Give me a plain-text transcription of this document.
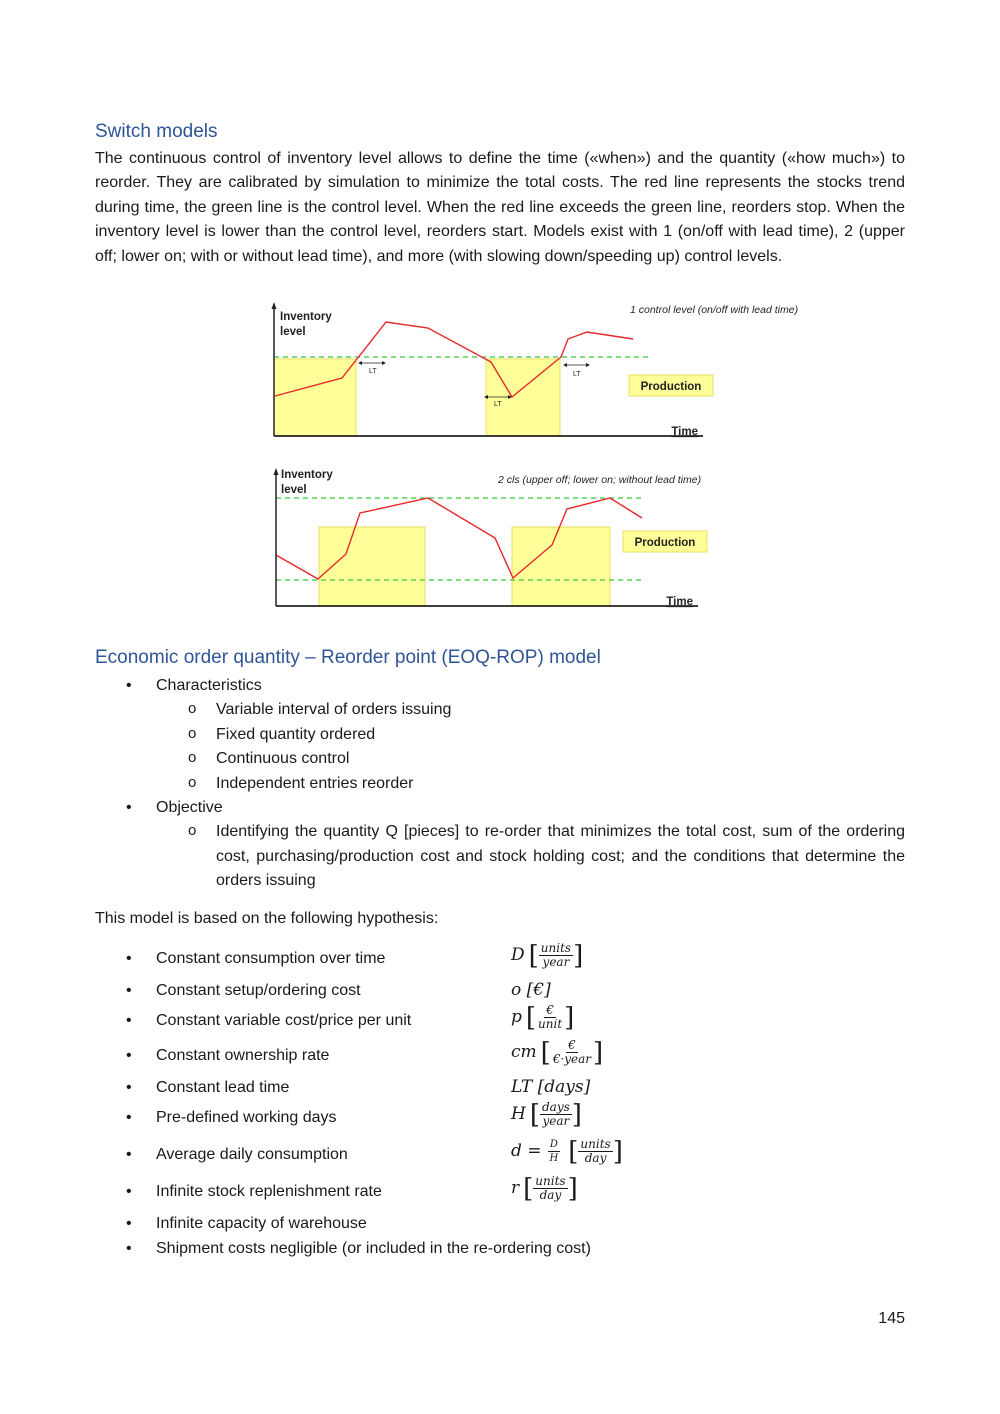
Switch models

The continuous control of inventory level allows to define the time («when») and the quantity («how much») to reorder. They are calibrated by simulation to minimize the total costs. The red line represents the stocks trend during time, the green line is the control level. When the red line exceeds the green line, reorders stop. When the inventory level is lower than the control level, reorders start. Models exist with 1 (on/off with lead time), 2 (upper off; lower on; with or without lead time), and more (with slowing down/speeding up) control levels.

LT	LT
LT
Inventory
level
1 control level (on/off with lead time)
Production
Time
Inventory
level
2 cls (upper off; lower on; without lead time)
Production
Time
Economic order quantity – Reorder point (EOQ-ROP) model
• Characteristics
o Variable interval of orders issuing
o Fixed quantity ordered
o Continuous control
o Independent entries reorder
• Objective
o Identifying the quantity Q [pieces] to re-order that minimizes the total cost, sum of the ordering cost, purchasing/production cost and stock holding cost; and the conditions that determine the orders issuing

This model is based on the following hypothesis:

• Constant consumption over time	D [ $\frac{\text{units}}{\text{year}}$ ]
• Constant setup/ordering cost	o [€]
• Constant variable cost/price per unit	p [ $\frac{€}{\text{unit}}$ ]
• Constant ownership rate	cm [ $\frac{€}{\text{€·year}}$ ]
• Constant lead time	LT [days]
• Pre-defined working days	H [ $\frac{\text{days}}{\text{year}}$ ]
• Average daily consumption	$d = \frac{D}{H}$ [ $\frac{\text{units}}{\text{day}}$ ]
• Infinite stock replenishment rate	r [ $\frac{\text{units}}{\text{day}}$ ]
• Infinite capacity of warehouse
• Shipment costs negligible (or included in the re-ordering cost)
145
